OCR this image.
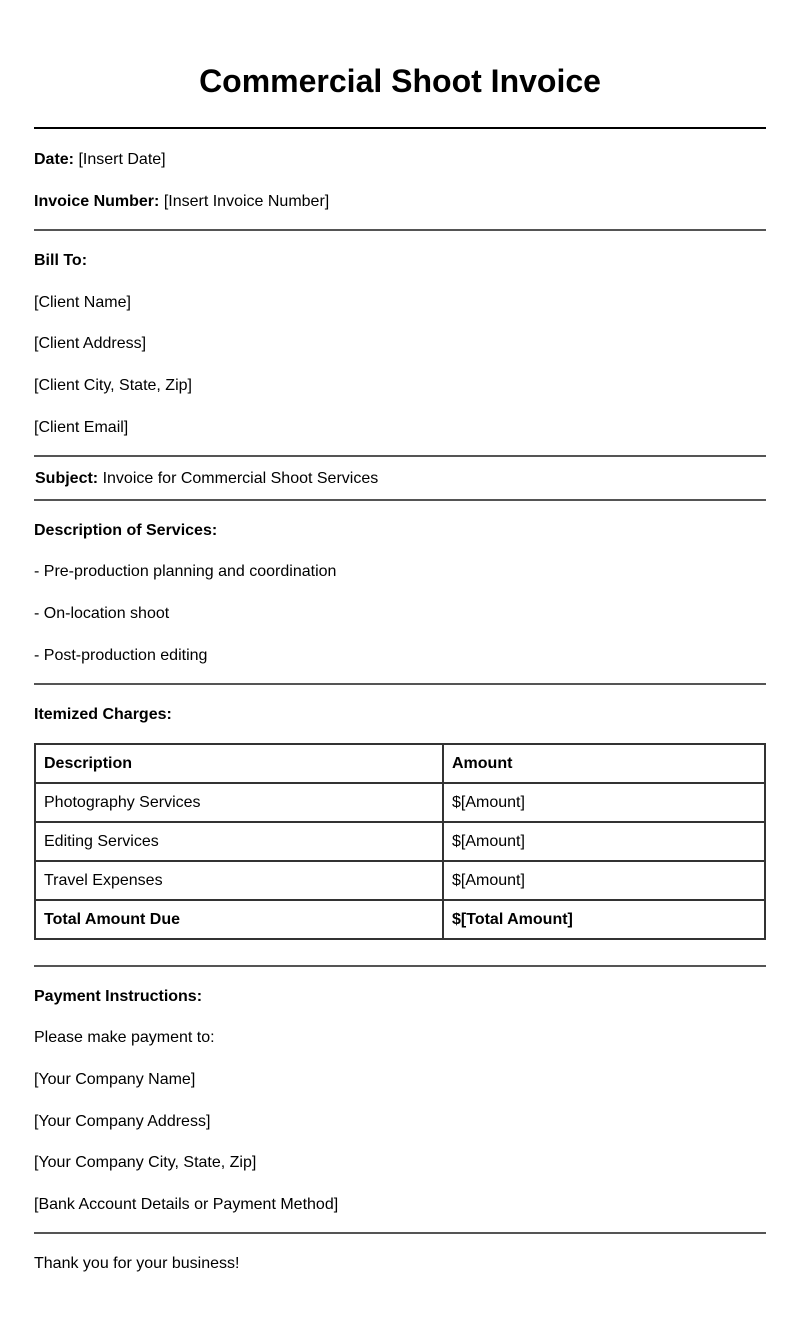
Commercial Shoot Invoice
Date: [Insert Date]
Invoice Number: [Insert Invoice Number]
Bill To:
[Client Name]
[Client Address]
[Client City, State, Zip]
[Client Email]
Subject: Invoice for Commercial Shoot Services
Description of Services:
- Pre-production planning and coordination
- On-location shoot
- Post-production editing
Itemized Charges:
Description	Amount
Photography Services	$[Amount]
Editing Services	$[Amount]
Travel Expenses	$[Amount]
Total Amount Due	$[Total Amount]
Payment Instructions:
Please make payment to:
[Your Company Name]
[Your Company Address]
[Your Company City, State, Zip]
[Bank Account Details or Payment Method]
Thank you for your business!
